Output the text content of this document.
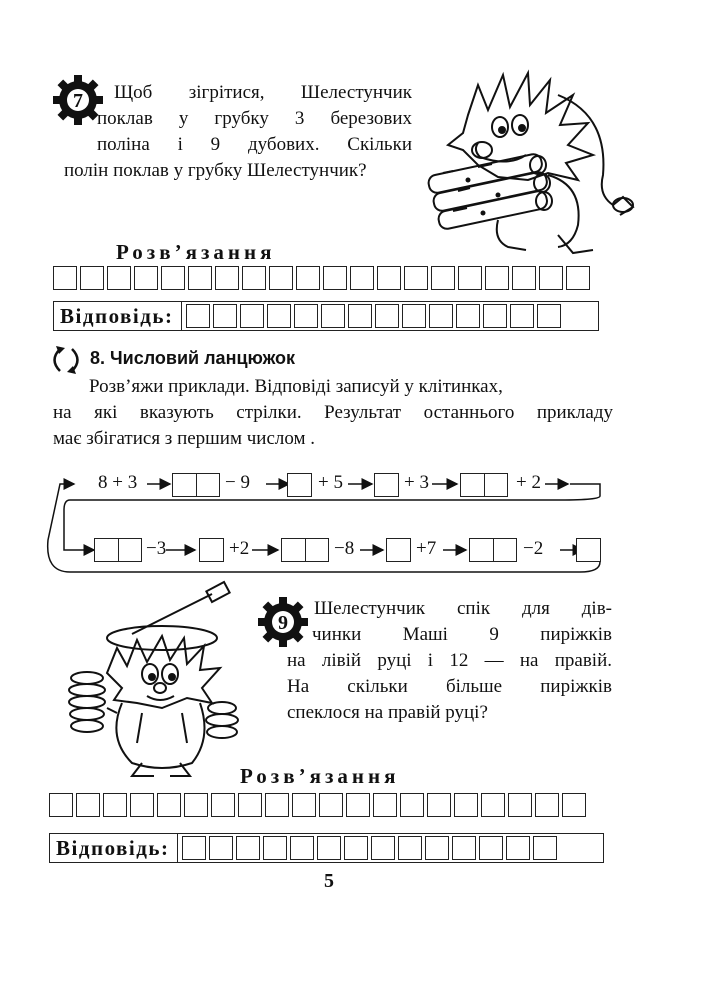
7 Щоб зігрітися, Шелестунчик
поклав у грубку 3 березових
поліна і 9 дубових. Скільки
полін поклав у грубку Шелестунчик?
Розв’язання
Відповідь:
8. Числовий ланцюжок
Розв’яжи приклади. Відповіді записуй у клітинках,
на які вказують стрілки. Результат останнього прикладу
має збігатися з першим числом .
8 + 3	− 9	+ 5	+ 3	+ 2
−3	+2	−8	+7	−2
9
Шелестунчик спік для дів-
чинки Маші 9 пиріжків
на лівій руці і 12 — на правій.
На скільки більше пиріжків
спеклося на правій руці?
Розв’язання
Відповідь:
5
